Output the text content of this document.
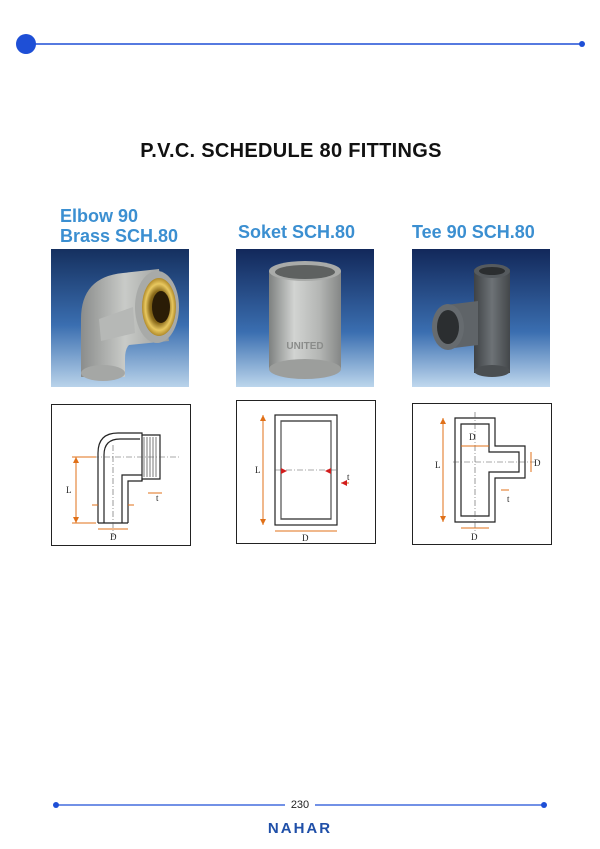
P.V.C. SCHEDULE 80 FITTINGS
Elbow 90
Brass SCH.80	Soket SCH.80	Tee 90 SCH.80
UNITED
L
D
t
L
D
t
L
D
D
D
t
230
NAHAR
